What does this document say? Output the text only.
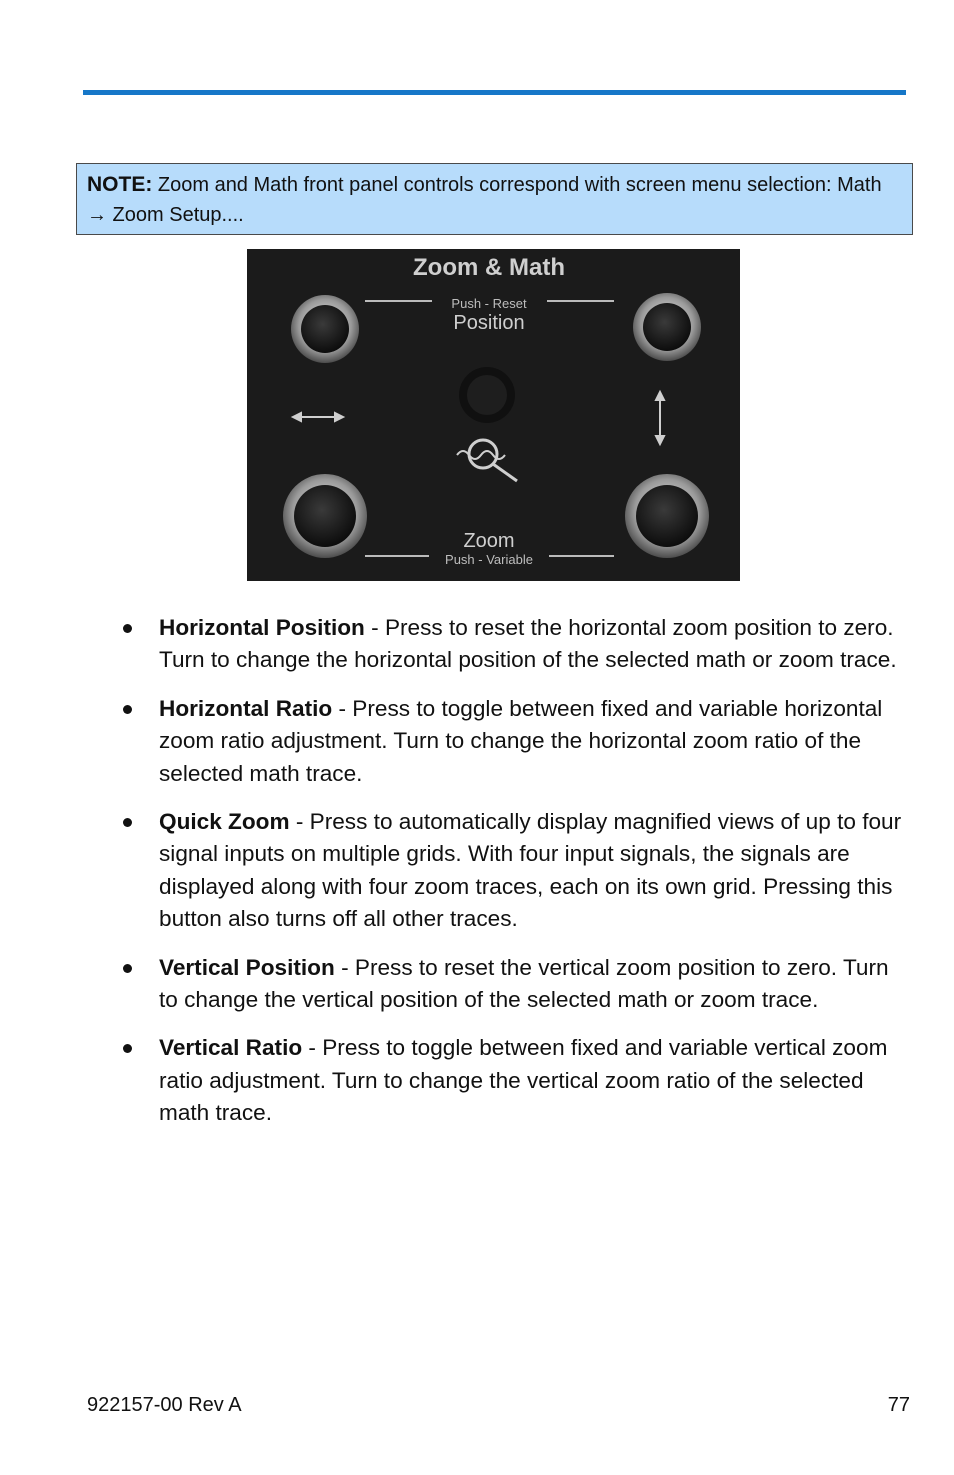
NOTE: Zoom and Math front panel controls correspond with screen menu selection: Math → Zoom Setup....
Zoom & Math
Push - Reset
Position
Zoom
Push - Variable
Horizontal Position - Press to reset the horizontal zoom position to zero. Turn to change the horizontal position of the selected math or zoom trace.
Horizontal Ratio - Press to toggle between fixed and variable horizontal zoom ratio adjustment. Turn to change the horizontal zoom ratio of the selected math trace.
Quick Zoom - Press to automatically display magnified views of up to four signal inputs on multiple grids. With four input signals, the signals are displayed along with four zoom traces, each on its own grid. Pressing this button also turns off all other traces.
Vertical Position - Press to reset the vertical zoom position to zero. Turn to change the vertical position of the selected math or zoom trace.
Vertical Ratio - Press to toggle between fixed and variable vertical zoom ratio adjustment. Turn to change the vertical zoom ratio of the selected math trace.
922157-00 Rev A	77
